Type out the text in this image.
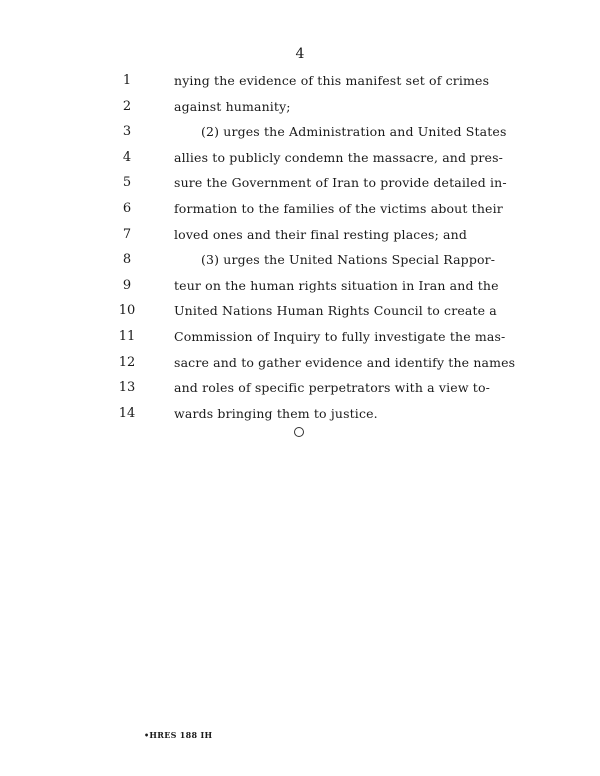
4
1	nying the evidence of this manifest set of crimes
2	against humanity;
3	(2) urges the Administration and United States
4	allies to publicly condemn the massacre, and pres-
5	sure the Government of Iran to provide detailed in-
6	formation to the families of the victims about their
7	loved ones and their final resting places; and
8	(3) urges the United Nations Special Rappor-
9	teur on the human rights situation in Iran and the
10	United Nations Human Rights Council to create a
11	Commission of Inquiry to fully investigate the mas-
12	sacre and to gather evidence and identify the names
13	and roles of specific perpetrators with a view to-
14	wards bringing them to justice.
•HRES 188 IH
